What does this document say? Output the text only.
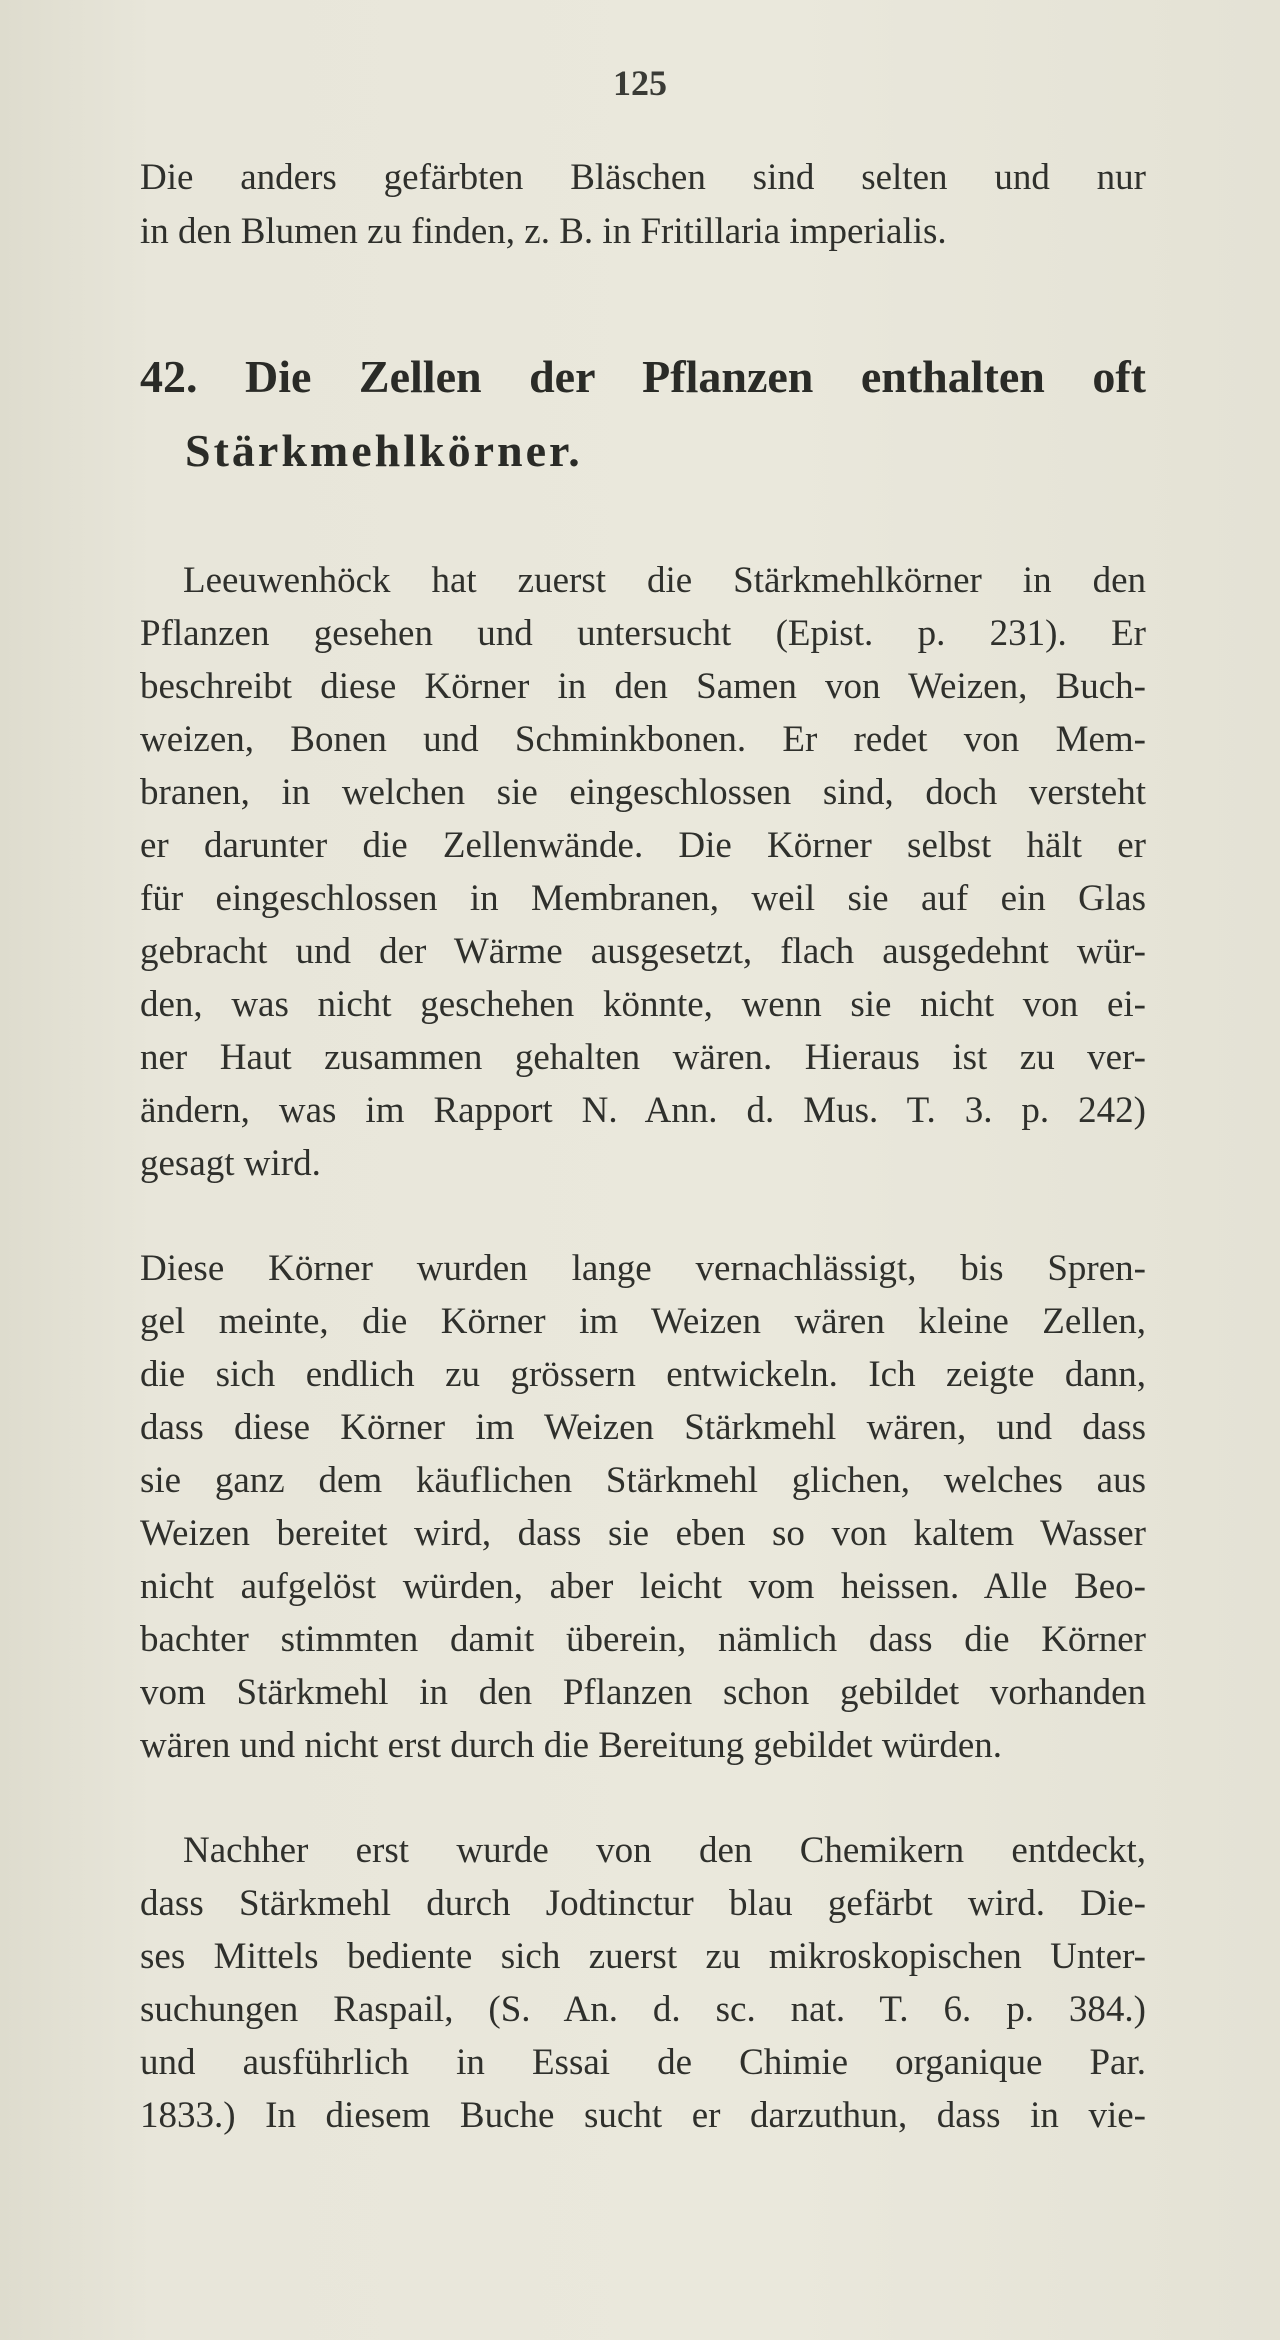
125
Die anders gefärbten Bläschen sind selten und nur
in den Blumen zu finden, z. B. in Fritillaria imperialis.
42. Die Zellen der Pflanzen enthalten oft
Stärkmehlkörner.
Leeuwenhöck hat zuerst die Stärkmehlkörner in den
Pflanzen gesehen und untersucht (Epist. p. 231). Er
beschreibt diese Körner in den Samen von Weizen, Buch-
weizen, Bonen und Schminkbonen. Er redet von Mem-
branen, in welchen sie eingeschlossen sind, doch versteht
er darunter die Zellenwände. Die Körner selbst hält er
für eingeschlossen in Membranen, weil sie auf ein Glas
gebracht und der Wärme ausgesetzt, flach ausgedehnt wür-
den, was nicht geschehen könnte, wenn sie nicht von ei-
ner Haut zusammen gehalten wären. Hieraus ist zu ver-
ändern, was im Rapport N. Ann. d. Mus. T. 3. p. 242)
gesagt wird.
Diese Körner wurden lange vernachlässigt, bis Spren-
gel meinte, die Körner im Weizen wären kleine Zellen,
die sich endlich zu grössern entwickeln. Ich zeigte dann,
dass diese Körner im Weizen Stärkmehl wären, und dass
sie ganz dem käuflichen Stärkmehl glichen, welches aus
Weizen bereitet wird, dass sie eben so von kaltem Wasser
nicht aufgelöst würden, aber leicht vom heissen. Alle Beo-
bachter stimmten damit überein, nämlich dass die Körner
vom Stärkmehl in den Pflanzen schon gebildet vorhanden
wären und nicht erst durch die Bereitung gebildet würden.
Nachher erst wurde von den Chemikern entdeckt,
dass Stärkmehl durch Jodtinctur blau gefärbt wird. Die-
ses Mittels bediente sich zuerst zu mikroskopischen Unter-
suchungen Raspail, (S. An. d. sc. nat. T. 6. p. 384.)
und ausführlich in Essai de Chimie organique Par.
1833.) In diesem Buche sucht er darzuthun, dass in vie-
